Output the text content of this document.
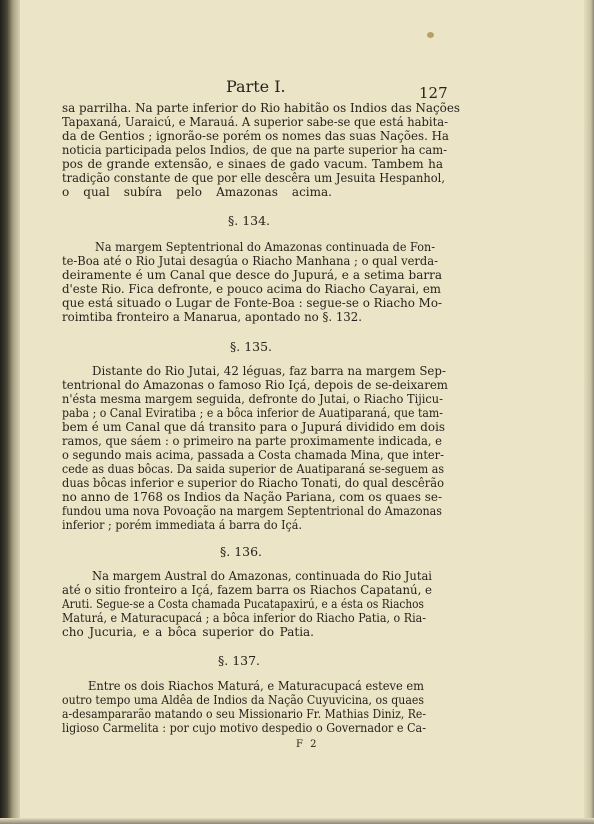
Parte I.	127
sa parrilha. Na parte inferior do Rio habitão os Indios das Nações
Tapaxaná, Uaraicú, e Marauá. A superior sabe-se que está habita-
da de Gentios ; ignorão-se porém os nomes das suas Nações. Ha
noticia participada pelos Indios, de que na parte superior ha cam-
pos de grande extensão, e sinaes de gado vacum. Tambem ha
tradição constante de que por elle descêra um Jesuita Hespanhol,
o qual subíra pelo Amazonas acima.
§. 134.
Na margem Septentrional do Amazonas continuada de Fon-
te-Boa até o Rio Jutai desagúa o Riacho Manhana ; o qual verda-
deiramente é um Canal que desce do Jupurá, e a setima barra
d'este Rio. Fica defronte, e pouco acima do Riacho Cayarai, em
que está situado o Lugar de Fonte-Boa : segue-se o Riacho Mo-
roimtiba fronteiro a Manarua, apontado no §. 132.
§. 135.
Distante do Rio Jutai, 42 léguas, faz barra na margem Sep-
tentrional do Amazonas o famoso Rio Içá, depois de se-deixarem
n'ésta mesma margem seguida, defronte do Jutai, o Riacho Tijicu-
paba ; o Canal Eviratiba ; e a bôca inferior de Auatiparaná, que tam-
bem é um Canal que dá transito para o Jupurá dividido em dois
ramos, que sáem : o primeiro na parte proximamente indicada, e
o segundo mais acima, passada a Costa chamada Mina, que inter-
cede as duas bôcas. Da saida superior de Auatiparaná se-seguem as
duas bôcas inferior e superior do Riacho Tonati, do qual descêrão
no anno de 1768 os Indios da Nação Pariana, com os quaes se-
fundou uma nova Povoação na margem Septentrional do Amazonas
inferior ; porém immediata á barra do Içá.
§. 136.
Na margem Austral do Amazonas, continuada do Rio Jutai
até o sitio fronteiro a Içá, fazem barra os Riachos Capatanú, e
Aruti. Segue-se a Costa chamada Pucatapaxirú, e a ésta os Riachos
Maturá, e Maturacupacá ; a bôca inferior do Riacho Patia, o Ria-
cho Jucuria, e a bôca superior do Patia.
§. 137.
Entre os dois Riachos Maturá, e Maturacupacá esteve em
outro tempo uma Aldêa de Indios da Nação Cuyuvicina, os quaes
a-desampararão matando o seu Missionario Fr. Mathias Diniz, Re-
ligioso Carmelita : por cujo motivo despedio o Governador e Ca-
F 2
